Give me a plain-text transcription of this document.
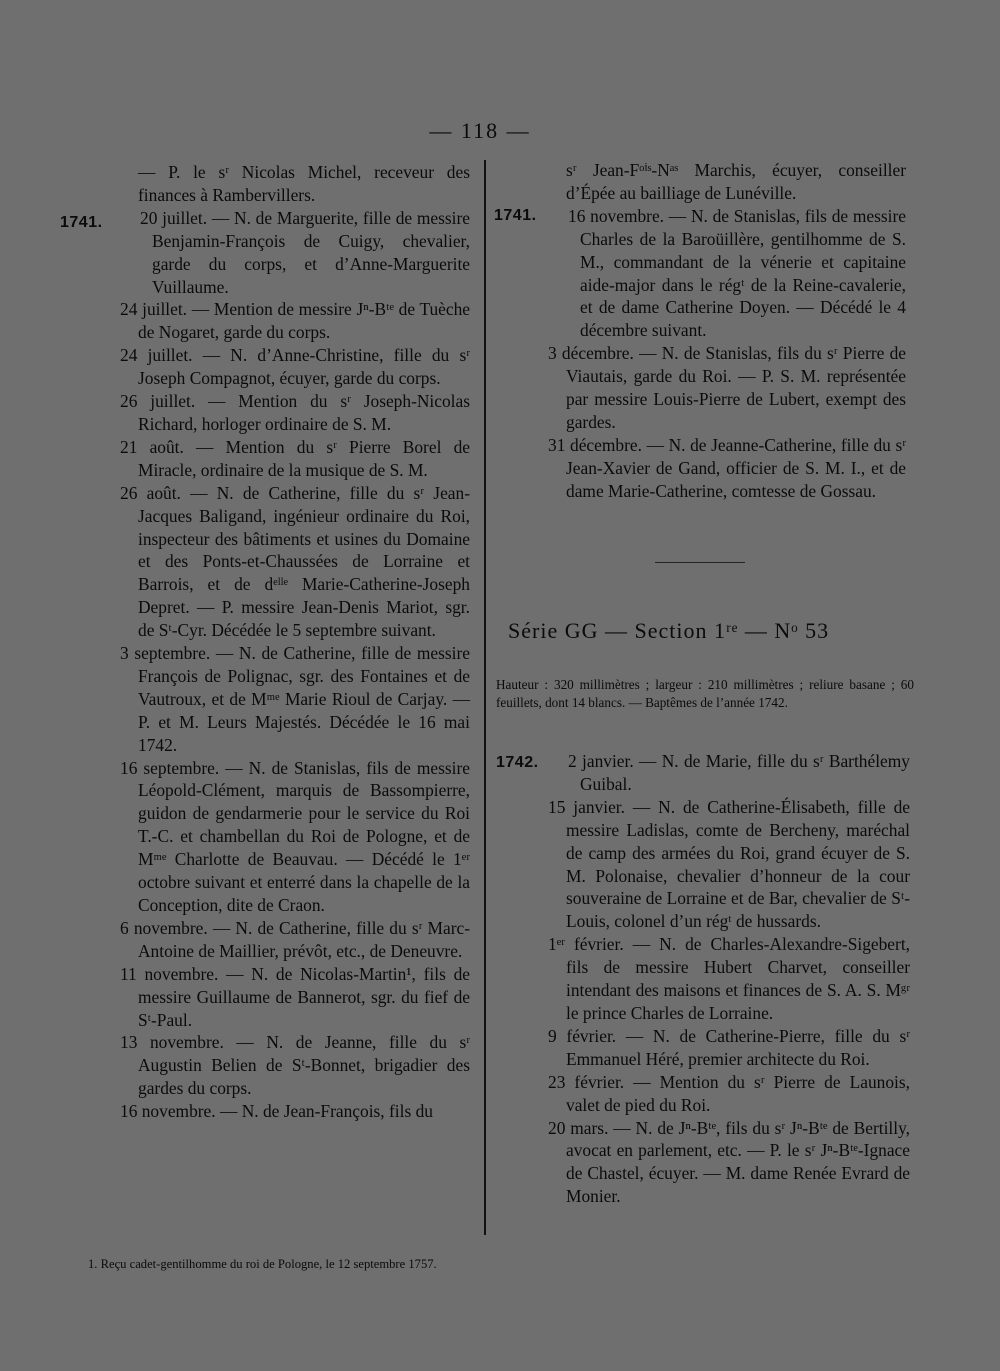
— 118 —
1741.	1741.
1742.

— P. le sʳ Nicolas Michel, receveur des finances à Rambervillers.

20 juillet. — N. de Marguerite, fille de messire Benjamin-François de Cuigy, chevalier, garde du corps, et d’Anne-Marguerite Vuillaume.

24 juillet. — Mention de messire Jⁿ-Bᵗᵉ de Tuèche de Nogaret, garde du corps.

24 juillet. — N. d’Anne-Christine, fille du sʳ Joseph Compagnot, écuyer, garde du corps.

26 juillet. — Mention du sʳ Joseph-Nicolas Richard, horloger ordinaire de S. M.

21 août. — Mention du sʳ Pierre Borel de Miracle, ordinaire de la musique de S. M.

26 août. — N. de Catherine, fille du sʳ Jean-Jacques Baligand, ingénieur ordinaire du Roi, inspecteur des bâtiments et usines du Domaine et des Ponts-et-Chaussées de Lorraine et Barrois, et de dᵉˡˡᵉ Marie-Catherine-Joseph Depret. — P. messire Jean-Denis Mariot, sgr. de Sᵗ-Cyr. Décédée le 5 septembre suivant.

3 septembre. — N. de Catherine, fille de messire François de Polignac, sgr. des Fontaines et de Vautroux, et de Mᵐᵉ Marie Rioul de Carjay. — P. et M. Leurs Majestés. Décédée le 16 mai 1742.

16 septembre. — N. de Stanislas, fils de messire Léopold-Clément, marquis de Bassompierre, guidon de gendarmerie pour le service du Roi T.-C. et chambellan du Roi de Pologne, et de Mᵐᵉ Charlotte de Beauvau. — Décédé le 1ᵉʳ octobre suivant et enterré dans la chapelle de la Conception, dite de Craon.

6 novembre. — N. de Catherine, fille du sʳ Marc-Antoine de Maillier, prévôt, etc., de Deneuvre.

11 novembre. — N. de Nicolas-Martin¹, fils de messire Guillaume de Bannerot, sgr. du fief de Sᵗ-Paul.

13 novembre. — N. de Jeanne, fille du sʳ Augustin Belien de Sᵗ-Bonnet, brigadier des gardes du corps.

16 novembre. — N. de Jean-François, fils du

sʳ Jean-Fᵒⁱˢ-Nᵃˢ Marchis, écuyer, conseiller d’Épée au bailliage de Lunéville.

16 novembre. — N. de Stanislas, fils de messire Charles de la Baroüillère, gentilhomme de S. M., commandant de la vénerie et capitaine aide-major dans le régᵗ de la Reine-cavalerie, et de dame Catherine Doyen. — Décédé le 4 décembre suivant.

3 décembre. — N. de Stanislas, fils du sʳ Pierre de Viautais, garde du Roi. — P. S. M. représentée par messire Louis-Pierre de Lubert, exempt des gardes.

31 décembre. — N. de Jeanne-Catherine, fille du sʳ Jean-Xavier de Gand, officier de S. M. I., et de dame Marie-Catherine, comtesse de Gossau.

Série GG — Section 1ʳᵉ — Nᵒ 53

Hauteur : 320 millimètres ; largeur : 210 millimètres ; reliure basane ; 60 feuillets, dont 14 blancs. — Baptêmes de l’année 1742.

2 janvier. — N. de Marie, fille du sʳ Barthélemy Guibal.

15 janvier. — N. de Catherine-Élisabeth, fille de messire Ladislas, comte de Bercheny, maréchal de camp des armées du Roi, grand écuyer de S. M. Polonaise, chevalier d’honneur de la cour souveraine de Lorraine et de Bar, chevalier de Sᵗ-Louis, colonel d’un régᵗ de hussards.

1ᵉʳ février. — N. de Charles-Alexandre-Sigebert, fils de messire Hubert Charvet, conseiller intendant des maisons et finances de S. A. S. Mᵍʳ le prince Charles de Lorraine.

9 février. — N. de Catherine-Pierre, fille du sʳ Emmanuel Héré, premier architecte du Roi.

23 février. — Mention du sʳ Pierre de Launois, valet de pied du Roi.

20 mars. — N. de Jⁿ-Bᵗᵉ, fils du sʳ Jⁿ-Bᵗᵉ de Bertilly, avocat en parlement, etc. — P. le sʳ Jⁿ-Bᵗᵉ-Ignace de Chastel, écuyer. — M. dame Renée Evrard de Monier.

1. Reçu cadet-gentilhomme du roi de Pologne, le 12 septembre 1757.
